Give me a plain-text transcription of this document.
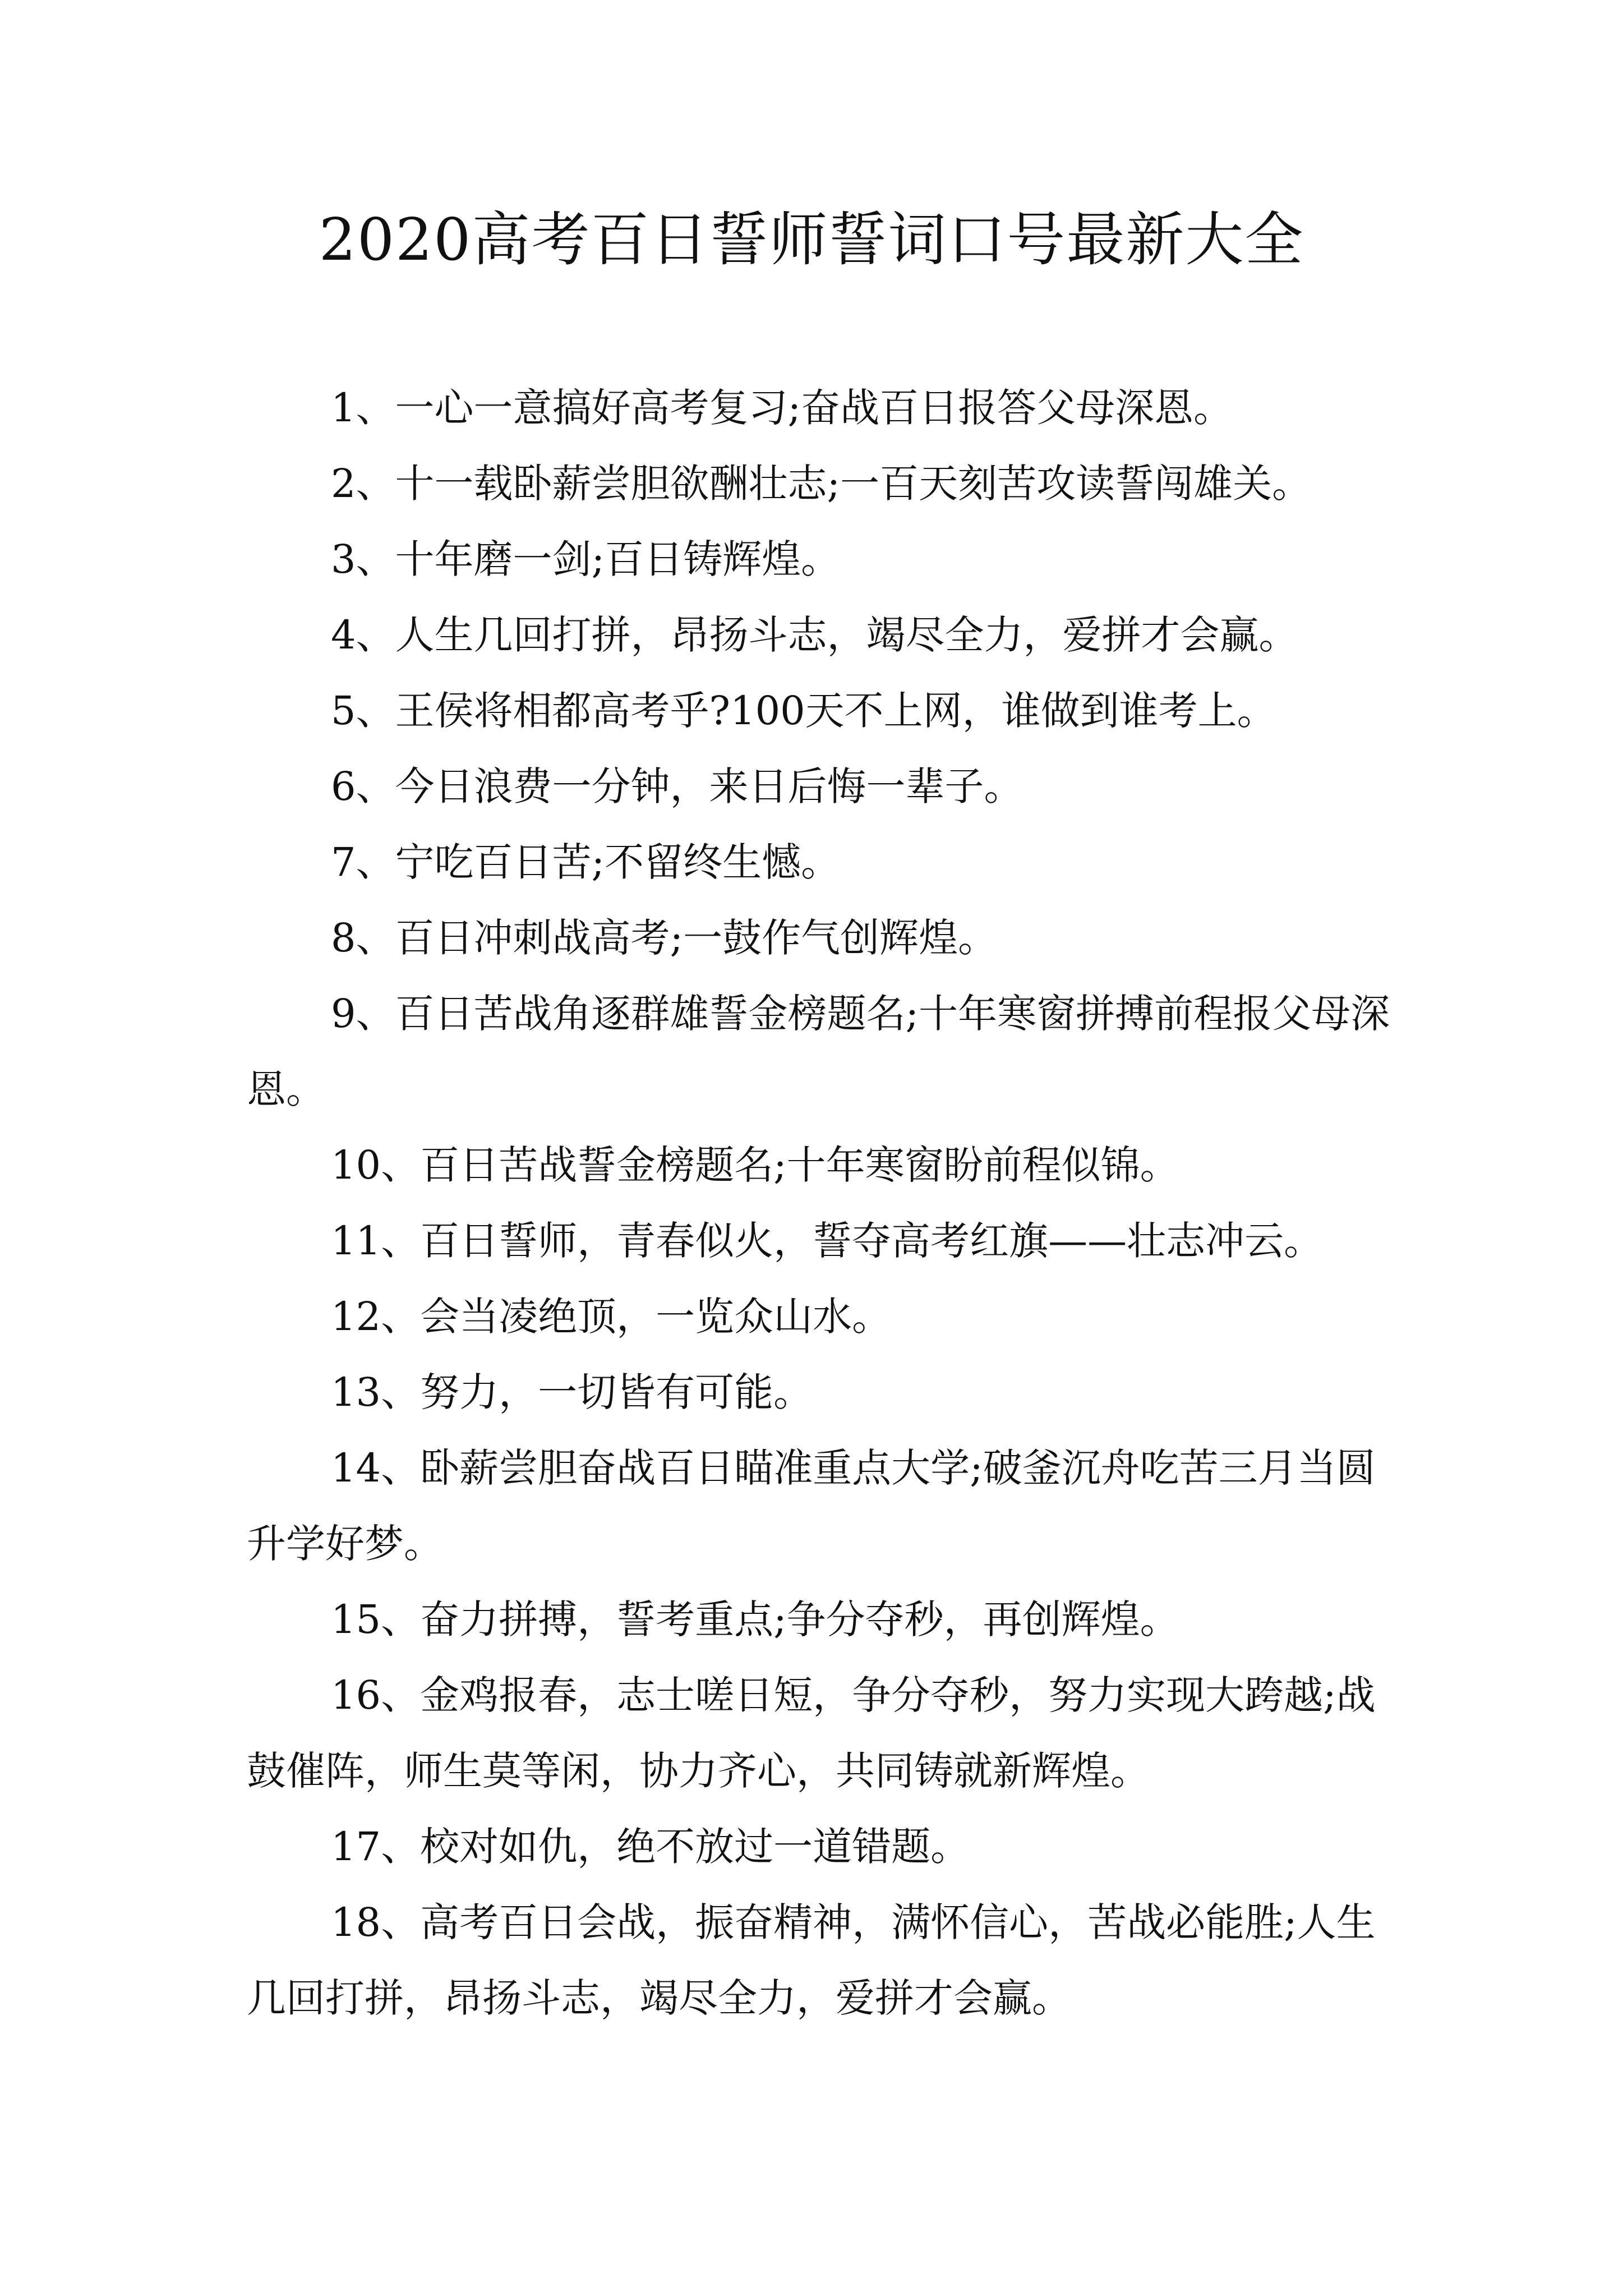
2020高考百日誓师誓词口号最新大全

1、一心一意搞好高考复习;奋战百日报答父母深恩。

2、十一载卧薪尝胆欲酬壮志;一百天刻苦攻读誓闯雄关。

3、十年磨一剑;百日铸辉煌。

4、人生几回打拼，昂扬斗志，竭尽全力，爱拼才会赢。

5、王侯将相都高考乎?100天不上网，谁做到谁考上。

6、今日浪费一分钟，来日后悔一辈子。

7、宁吃百日苦;不留终生憾。

8、百日冲刺战高考;一鼓作气创辉煌。

9、百日苦战角逐群雄誓金榜题名;十年寒窗拼搏前程报父母深恩。

10、百日苦战誓金榜题名;十年寒窗盼前程似锦。

11、百日誓师，青春似火，誓夺高考红旗——壮志冲云。

12、会当凌绝顶，一览众山水。

13、努力，一切皆有可能。

14、卧薪尝胆奋战百日瞄准重点大学;破釜沉舟吃苦三月当圆升学好梦。

15、奋力拼搏，誓考重点;争分夺秒，再创辉煌。

16、金鸡报春，志士嗟日短，争分夺秒，努力实现大跨越;战鼓催阵，师生莫等闲，协力齐心，共同铸就新辉煌。

17、校对如仇，绝不放过一道错题。

18、高考百日会战，振奋精神，满怀信心，苦战必能胜;人生几回打拼，昂扬斗志，竭尽全力，爱拼才会赢。
